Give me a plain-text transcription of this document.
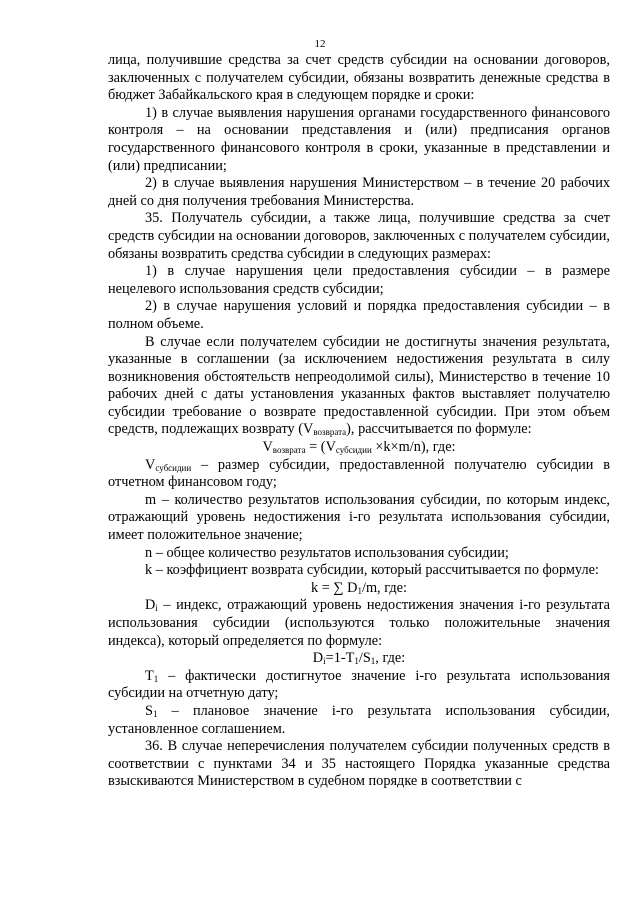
12

лица, получившие средства за счет средств субсидии на основании договоров, заключенных с получателем субсидии, обязаны возвратить денежные средства в бюджет Забайкальского края в следующем порядке и сроки:

1) в случае выявления нарушения органами государственного финансового контроля – на основании представления и (или) предписания органов государственного финансового контроля в сроки, указанные в представлении и (или) предписании;

2) в случае выявления нарушения Министерством – в течение 20 рабочих дней со дня получения требования Министерства.

35. Получатель субсидии, а также лица, получившие средства за счет средств субсидии на основании договоров, заключенных с получателем субсидии, обязаны возвратить средства субсидии в следующих размерах:

1) в случае нарушения цели предоставления субсидии – в размере нецелевого использования средств субсидии;

2) в случае нарушения условий и порядка предоставления субсидии – в полном объеме.

В случае если получателем субсидии не достигнуты значения результата, указанные в соглашении (за исключением недостижения результата в силу возникновения обстоятельств непреодолимой силы), Министерство в течение 10 рабочих дней с даты установления указанных фактов выставляет получателю субсидии требование о возврате предоставленной субсидии. При этом объем средств, подлежащих возврату $(V_{возврата})$, рассчитывается по формуле:

$V_{возврата} = (V_{субсидии} \times k\times m/n)$, где:

$V_{субсидии}$ – размер субсидии, предоставленной получателю субсидии в отчетном финансовом году;

m – количество результатов использования субсидии, по которым индекс, отражающий уровень недостижения i-го результата использования субсидии, имеет положительное значение;

n – общее количество результатов использования субсидии;

k – коэффициент возврата субсидии, который рассчитывается по формуле:

k = ∑ $D_1/m$, где:

$D_i$ – индекс, отражающий уровень недостижения значения i-го результата использования субсидии (используются только положительные значения индекса), который определяется по формуле:

$D_i=1-T_1/S_1$, где:

$T_1$ – фактически достигнутое значение i-го результата использования субсидии на отчетную дату;

$S_1$ – плановое значение i-го результата использования субсидии, установленное соглашением.

36. В случае неперечисления получателем субсидии полученных средств в соответствии с пунктами 34 и 35 настоящего Порядка указанные средства взыскиваются Министерством в судебном порядке в соответствии с
